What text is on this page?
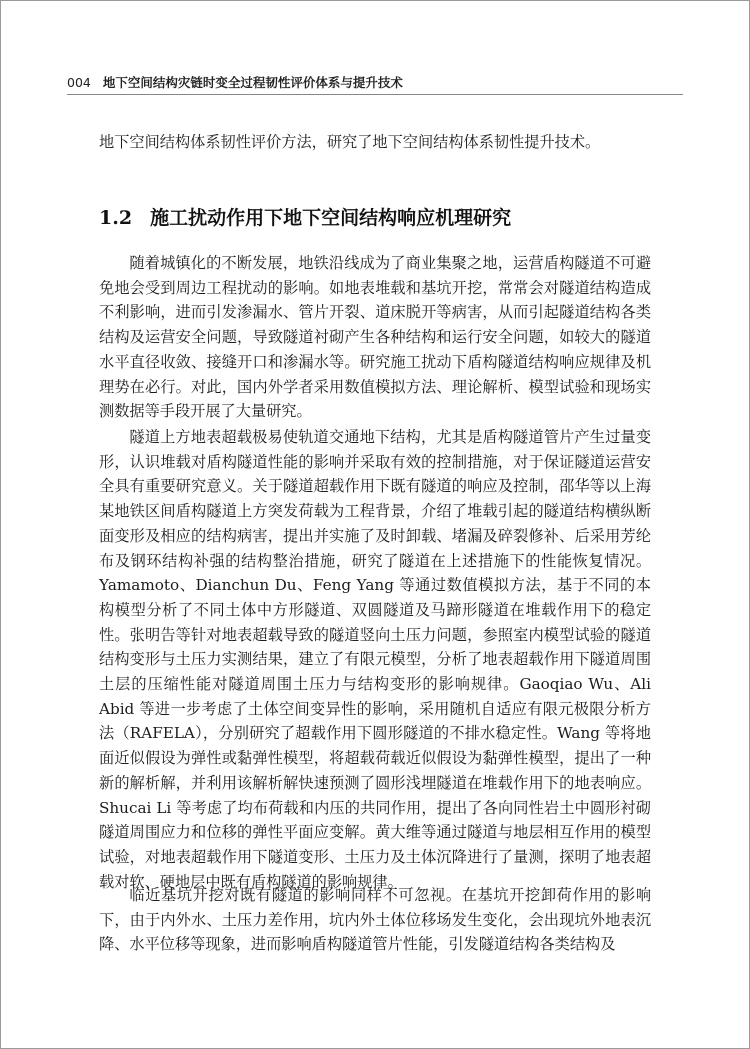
004 地下空间结构灾链时变全过程韧性评价体系与提升技术

地下空间结构体系韧性评价方法，研究了地下空间结构体系韧性提升技术。

1.2 施工扰动作用下地下空间结构响应机理研究

随着城镇化的不断发展，地铁沿线成为了商业集聚之地，运营盾构隧道不可避免地会受到周边工程扰动的影响。如地表堆载和基坑开挖，常常会对隧道结构造成不利影响，进而引发渗漏水、管片开裂、道床脱开等病害，从而引起隧道结构各类结构及运营安全问题，导致隧道衬砌产生各种结构和运行安全问题，如较大的隧道水平直径收敛、接缝开口和渗漏水等。研究施工扰动下盾构隧道结构响应规律及机理势在必行。对此，国内外学者采用数值模拟方法、理论解析、模型试验和现场实测数据等手段开展了大量研究。

隧道上方地表超载极易使轨道交通地下结构，尤其是盾构隧道管片产生过量变形，认识堆载对盾构隧道性能的影响并采取有效的控制措施，对于保证隧道运营安全具有重要研究意义。关于隧道超载作用下既有隧道的响应及控制，邵华等以上海某地铁区间盾构隧道上方突发荷载为工程背景，介绍了堆载引起的隧道结构横纵断面变形及相应的结构病害，提出并实施了及时卸载、堵漏及碎裂修补、后采用芳纶布及钢环结构补强的结构整治措施，研究了隧道在上述措施下的性能恢复情况。Yamamoto、Dianchun Du、Feng Yang 等通过数值模拟方法，基于不同的本构模型分析了不同土体中方形隧道、双圆隧道及马蹄形隧道在堆载作用下的稳定性。张明告等针对地表超载导致的隧道竖向土压力问题，参照室内模型试验的隧道结构变形与土压力实测结果，建立了有限元模型，分析了地表超载作用下隧道周围土层的压缩性能对隧道周围土压力与结构变形的影响规律。Gaoqiao Wu、Ali Abid 等进一步考虑了土体空间变异性的影响，采用随机自适应有限元极限分析方法（RAFELA），分别研究了超载作用下圆形隧道的不排水稳定性。Wang 等将地面近似假设为弹性或黏弹性模型，将超载荷载近似假设为黏弹性模型，提出了一种新的解析解，并利用该解析解快速预测了圆形浅埋隧道在堆载作用下的地表响应。Shucai Li 等考虑了均布荷载和内压的共同作用，提出了各向同性岩土中圆形衬砌隧道周围应力和位移的弹性平面应变解。黄大维等通过隧道与地层相互作用的模型试验，对地表超载作用下隧道变形、土压力及土体沉降进行了量测，探明了地表超载对软、硬地层中既有盾构隧道的影响规律。

临近基坑开挖对既有隧道的影响同样不可忽视。在基坑开挖卸荷作用的影响下，由于内外水、土压力差作用，坑内外土体位移场发生变化，会出现坑外地表沉降、水平位移等现象，进而影响盾构隧道管片性能，引发隧道结构各类结构及
